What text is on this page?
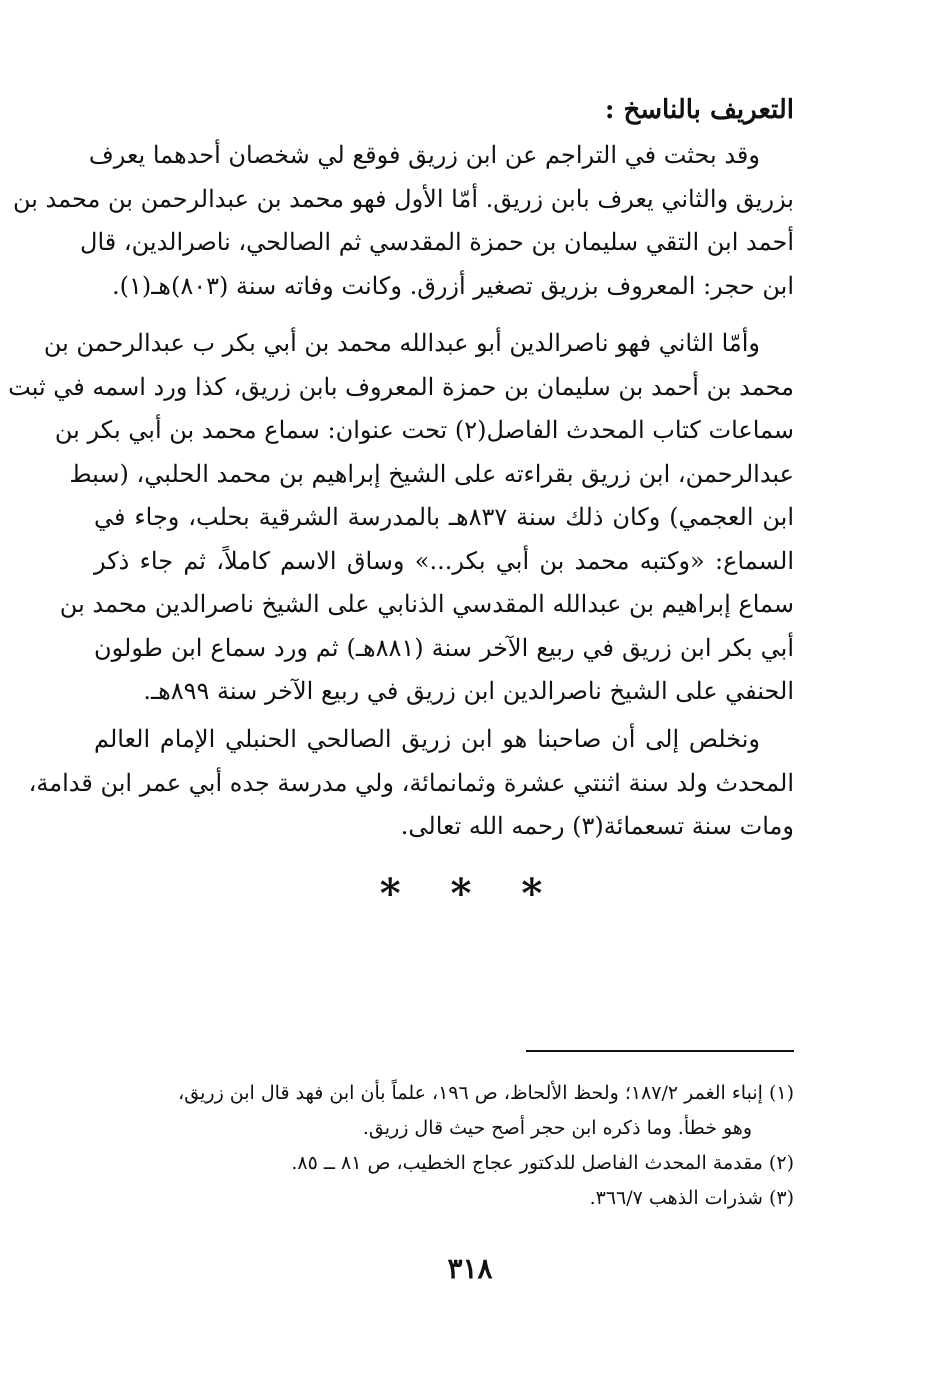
التعريف بالناسخ :
وقد بحثت في التراجم عن ابن زريق فوقع لي شخصان أحدهما يعرف
بزريق والثاني يعرف بابن زريق. أمّا الأول فهو محمد بن عبدالرحمن بن محمد بن
أحمد ابن التقي سليمان بن حمزة المقدسي ثم الصالحي، ناصرالدين، قال
ابن حجر: المعروف بزريق تصغير أزرق. وكانت وفاته سنة (٨٠٣)هـ(١).
وأمّا الثاني فهو ناصرالدين أبو عبدالله محمد بن أبي بكر ب عبدالرحمن بن
محمد بن أحمد بن سليمان بن حمزة المعروف بابن زريق، كذا ورد اسمه في ثبت
سماعات كتاب المحدث الفاصل(٢) تحت عنوان: سماع محمد بن أبي بكر بن
عبدالرحمن، ابن زريق بقراءته على الشيخ إبراهيم بن محمد الحلبي، (سبط
ابن العجمي) وكان ذلك سنة ٨٣٧هـ بالمدرسة الشرقية بحلب، وجاء في
السماع: «وكتبه محمد بن أبي بكر...» وساق الاسم كاملاً، ثم جاء ذكر
سماع إبراهيم بن عبدالله المقدسي الذنابي على الشيخ ناصرالدين محمد بن
أبي بكر ابن زريق في ربيع الآخر سنة (٨٨١هـ) ثم ورد سماع ابن طولون
الحنفي على الشيخ ناصرالدين ابن زريق في ربيع الآخر سنة ٨٩٩هـ.
ونخلص إلى أن صاحبنا هو ابن زريق الصالحي الحنبلي الإمام العالم
المحدث ولد سنة اثنتي عشرة وثمانمائة، ولي مدرسة جده أبي عمر ابن قدامة،
ومات سنة تسعمائة(٣) رحمه الله تعالى.
* * *
(١) إنباء الغمر ١٨٧/٢؛ ولحظ الألحاظ، ص ١٩٦، علماً بأن ابن فهد قال ابن زريق،
وهو خطأ. وما ذكره ابن حجر أصح حيث قال زريق.
(٢) مقدمة المحدث الفاصل للدكتور عجاج الخطيب، ص ٨١ ــ ٨٥.
(٣) شذرات الذهب ٣٦٦/٧.
٣١٨
